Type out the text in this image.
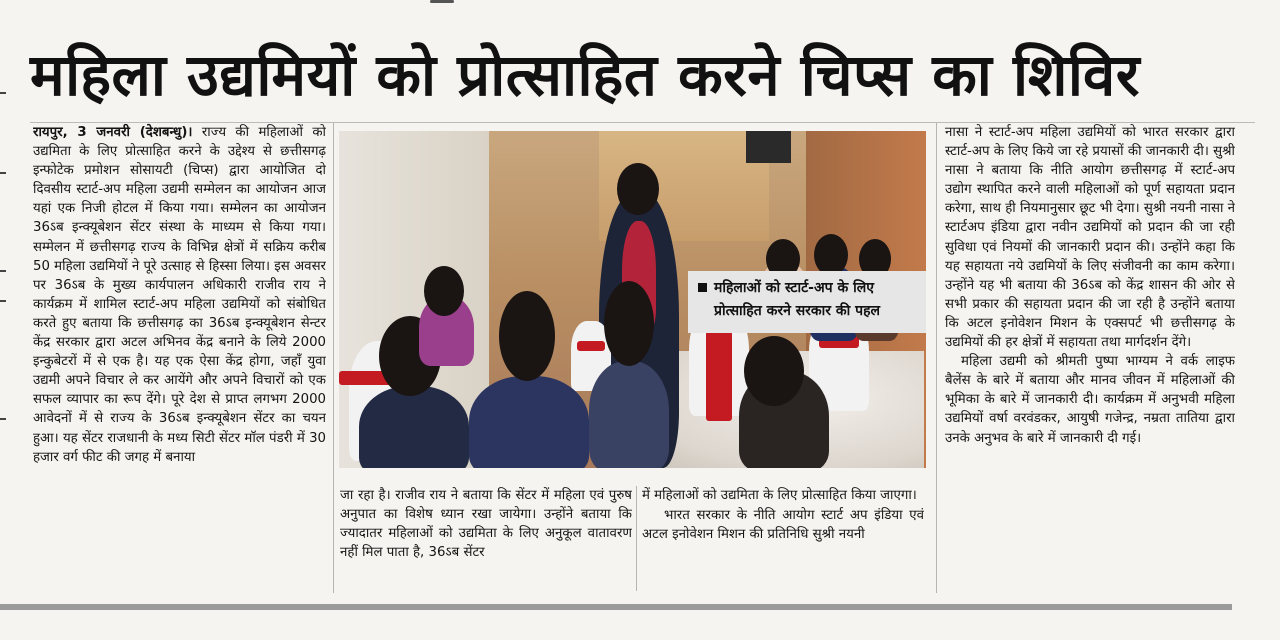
महिला उद्यमियों को प्रोत्साहित करने चिप्स का शिविर

रायपुर, 3 जनवरी (देशबन्धु)। राज्य की महिलाओं को उद्यमिता के लिए प्रोत्साहित करने के उद्देश्य से छत्तीसगढ़ इन्फोटेक प्रमोशन सोसायटी (चिप्स) द्वारा आयोजित दो दिवसीय स्टार्ट-अप महिला उद्यमी सम्मेलन का आयोजन आज यहां एक निजी होटल में किया गया। सम्मेलन का आयोजन 36ऽब इन्क्यूबेशन सेंटर संस्था के माध्यम से किया गया। सम्मेलन में छत्तीसगढ़ राज्य के विभिन्न क्षेत्रों में सक्रिय करीब 50 महिला उद्यमियों ने पूरे उत्साह से हिस्सा लिया। इस अवसर पर 36ऽब के मुख्य कार्यपालन अधिकारी राजीव राय ने कार्यक्रम में शामिल स्टार्ट-अप महिला उद्यमियों को संबोधित करते हुए बताया कि छत्तीसगढ़ का 36ऽब इन्क्यूबेशन सेन्टर केंद्र सरकार द्वारा अटल अभिनव केंद्र बनाने के लिये 2000 इन्कुबेटरों में से एक है। यह एक ऐसा केंद्र होगा, जहाँ युवा उद्यमी अपने विचार ले कर आयेंगे और अपने विचारों को एक सफल व्यापार का रूप देंगे। पूरे देश से प्राप्त लगभग 2000 आवेदनों में से राज्य के 36ऽब इन्क्यूबेशन सेंटर का चयन हुआ। यह सेंटर राजधानी के मध्य सिटी सेंटर मॉल पंडरी में 30 हजार वर्ग फीट की जगह में बनाया

महिलाओं को स्टार्ट-अप के लिए
प्रोत्साहित करने सरकार की पहल

जा रहा है। राजीव राय ने बताया कि सेंटर में महिला एवं पुरुष अनुपात का विशेष ध्यान रखा जायेगा। उन्होंने बताया कि ज्यादातर महिलाओं को उद्यमिता के लिए अनुकूल वातावरण नहीं मिल पाता है, 36ऽब सेंटर

में महिलाओं को उद्यमिता के लिए प्रोत्साहित किया जाएगा।

भारत सरकार के नीति आयोग स्टार्ट अप इंडिया एवं अटल इनोवेशन मिशन की प्रतिनिधि सुश्री नयनी

नासा ने स्टार्ट-अप महिला उद्यमियों को भारत सरकार द्वारा स्टार्ट-अप के लिए किये जा रहे प्रयासों की जानकारी दी। सुश्री नासा ने बताया कि नीति आयोग छत्तीसगढ़ में स्टार्ट-अप उद्योग स्थापित करने वाली महिलाओं को पूर्ण सहायता प्रदान करेगा, साथ ही नियमानुसार छूट भी देगा। सुश्री नयनी नासा ने स्टार्टअप इंडिया द्वारा नवीन उद्यमियों को प्रदान की जा रही सुविधा एवं नियमों की जानकारी प्रदान की। उन्होंने कहा कि यह सहायता नये उद्यमियों के लिए संजीवनी का काम करेगा। उन्होंने यह भी बताया की 36ऽब को केंद्र शासन की ओर से सभी प्रकार की सहायता प्रदान की जा रही है उन्होंने बताया कि अटल इनोवेशन मिशन के एक्सपर्ट भी छत्तीसगढ़ के उद्यमियों की हर क्षेत्रों में सहायता तथा मार्गदर्शन देंगे।

महिला उद्यमी को श्रीमती पुष्पा भाग्यम ने वर्क लाइफ बैलेंस के बारे में बताया और मानव जीवन में महिलाओं की भूमिका के बारे में जानकारी दी। कार्यक्रम में अनुभवी महिला उद्यमियों वर्षा वरवंडकर, आयुषी गजेन्द्र, नम्रता तातिया द्वारा उनके अनुभव के बारे में जानकारी दी गई।
